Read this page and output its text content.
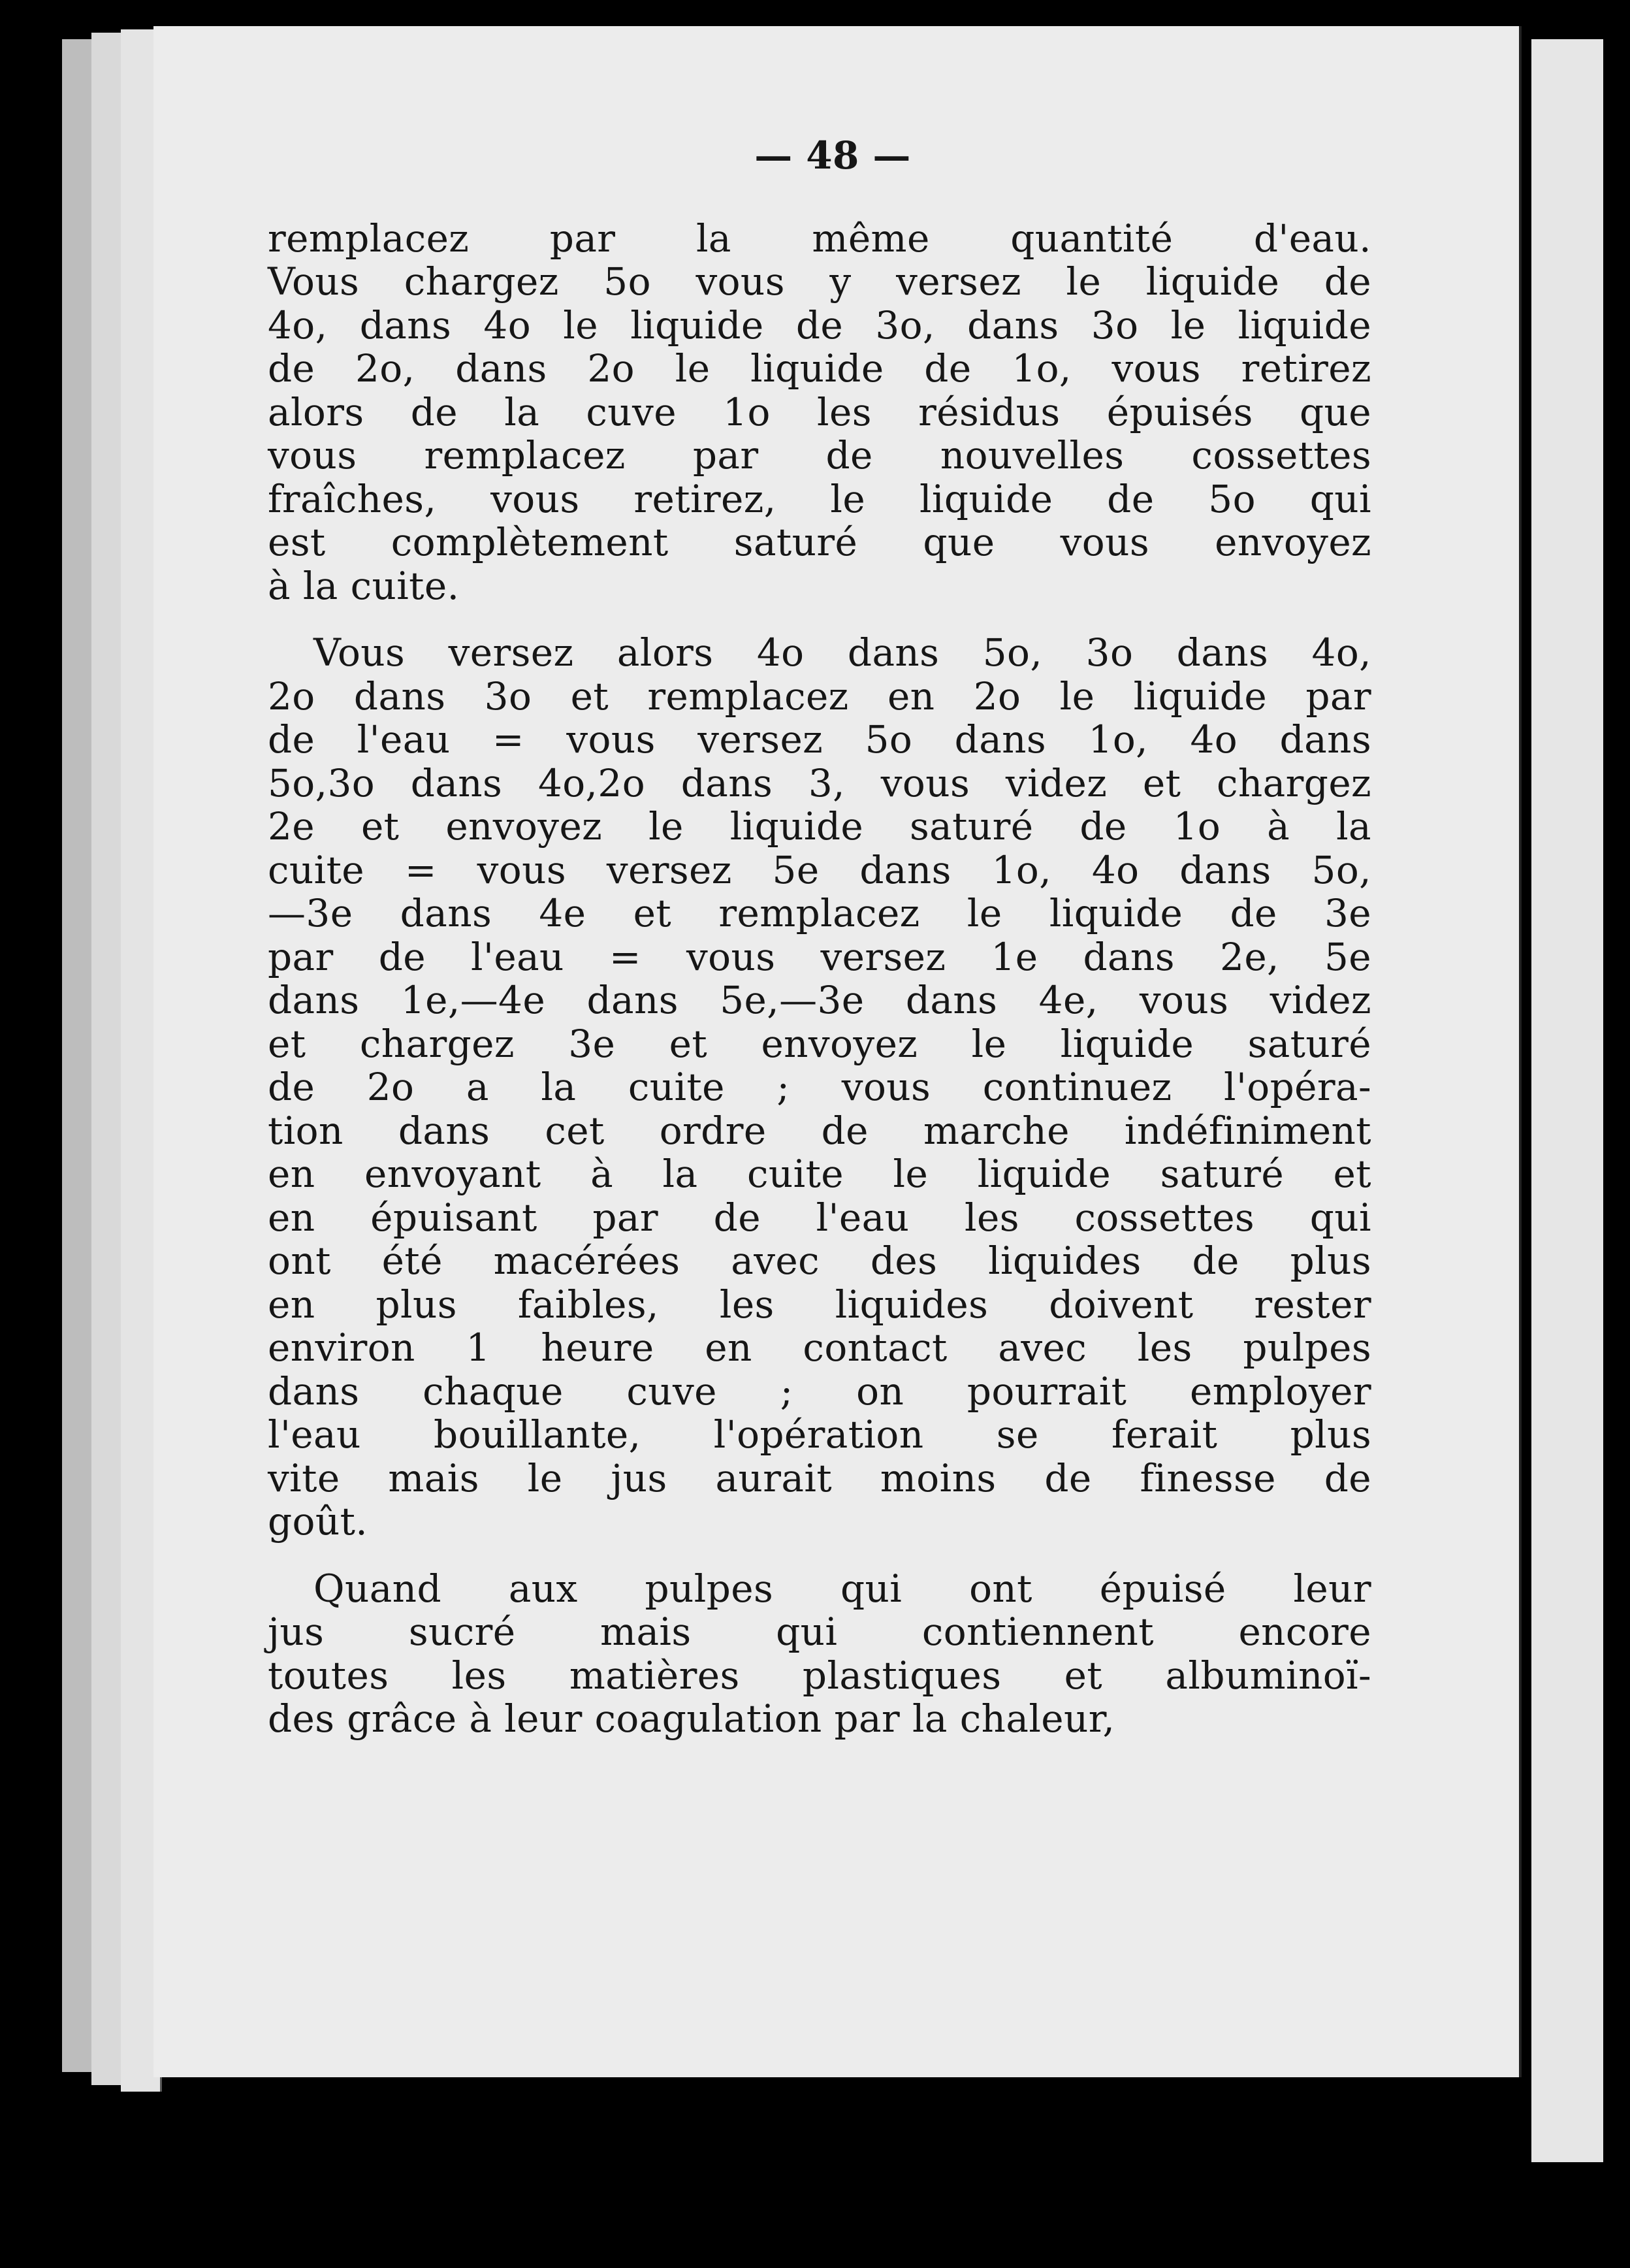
— 48 —
remplacez par la même quantité d'eau.
Vous chargez 5o vous y versez le liquide de
4o, dans 4o le liquide de 3o, dans 3o le liquide
de 2o, dans 2o le liquide de 1o, vous retirez
alors de la cuve 1o les résidus épuisés que
vous remplacez par de nouvelles cossettes
fraîches, vous retirez, le liquide de 5o qui
est complètement saturé que vous envoyez
à la cuite.
Vous versez alors 4o dans 5o, 3o dans 4o,
2o dans 3o et remplacez en 2o le liquide par
de l'eau = vous versez 5o dans 1o, 4o dans
5o,3o dans 4o,2o dans 3, vous videz et chargez
2e et envoyez le liquide saturé de 1o à la
cuite = vous versez 5e dans 1o, 4o dans 5o,
—3e dans 4e et remplacez le liquide de 3e
par de l'eau = vous versez 1e dans 2e, 5e
dans 1e,—4e dans 5e,—3e dans 4e, vous videz
et chargez 3e et envoyez le liquide saturé
de 2o a la cuite ; vous continuez l'opéra-
tion dans cet ordre de marche indéfiniment
en envoyant à la cuite le liquide saturé et
en épuisant par de l'eau les cossettes qui
ont été macérées avec des liquides de plus
en plus faibles, les liquides doivent rester
environ 1 heure en contact avec les pulpes
dans chaque cuve ; on pourrait employer
l'eau bouillante, l'opération se ferait plus
vite mais le jus aurait moins de finesse de
goût.
Quand aux pulpes qui ont épuisé leur
jus sucré mais qui contiennent encore
toutes les matières plastiques et albuminoï-
des grâce à leur coagulation par la chaleur,
